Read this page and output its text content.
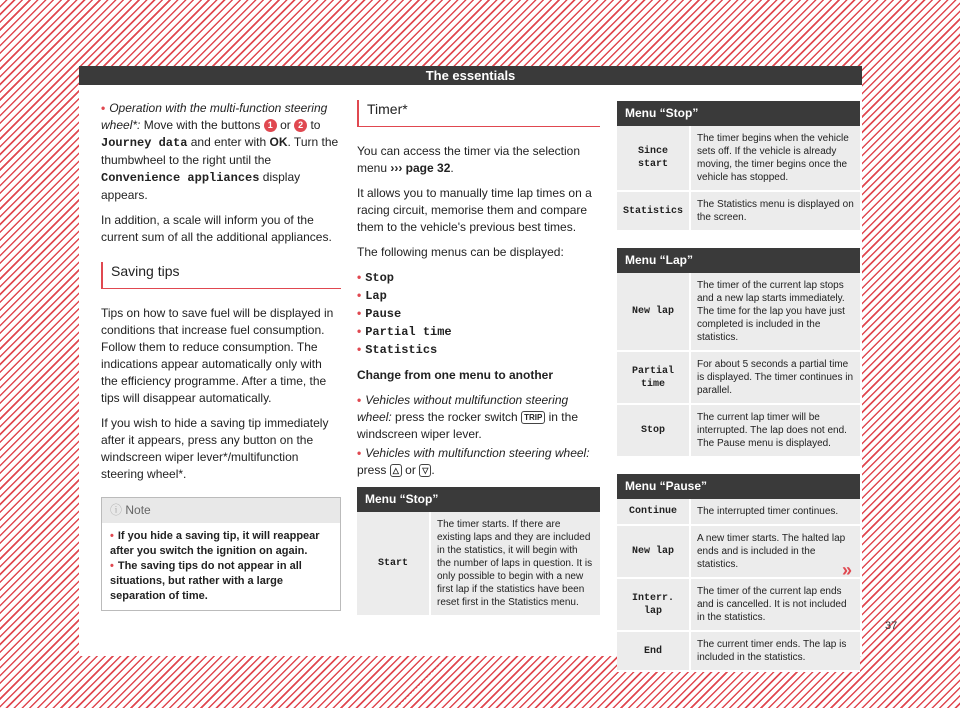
The essentials

• Operation with the multi-function steering wheel*: Move with the buttons 1 or 2 to Journey data and enter with OK. Turn the thumbwheel to the right until the Convenience appliances display appears.

In addition, a scale will inform you of the current sum of all the additional appliances.

Saving tips

Tips on how to save fuel will be displayed in conditions that increase fuel consumption. Follow them to reduce consumption. The indications appear automatically only with the efficiency programme. After a time, the tips will disappear automatically.

If you wish to hide a saving tip immediately after it appears, press any button on the windscreen wiper lever*/multifunction steering wheel*.

ⓘ Note
• If you hide a saving tip, it will reappear after you switch the ignition on again.
• The saving tips do not appear in all situations, but rather with a large separation of time.
Timer*

You can access the timer via the selection menu ››› page 32.

It allows you to manually time lap times on a racing circuit, memorise them and compare them to the vehicle's previous best times.

The following menus can be displayed:

• Stop
• Lap
• Pause
• Partial time
• Statistics

Change from one menu to another

• Vehicles without multifunction steering wheel: press the rocker switch TRIP in the windscreen wiper lever.

• Vehicles with multifunction steering wheel: press △ or ▽ .

Menu “Stop”
Start	The timer starts. If there are existing laps and they are included in the statistics, it will begin with the number of laps in question. It is only possible to begin with a new first lap if the statistics have been reset first in the Statistics menu.
Menu “Stop”	
Since start	The timer begins when the vehicle sets off. If the vehicle is already moving, the timer begins once the vehicle has stopped.
Statistics	The Statistics menu is displayed on the screen.
Menu “Lap”	
New lap	The timer of the current lap stops and a new lap starts immediately. The time for the lap you have just completed is included in the statistics.
Partial time	For about 5 seconds a partial time is displayed. The timer continues in parallel.
Stop	The current lap timer will be interrupted. The lap does not end. The Pause menu is displayed.
Menu “Pause”	
Continue	The interrupted timer continues.
New lap	A new timer starts. The halted lap ends and is included in the statistics.
Interr. lap	The timer of the current lap ends and is cancelled. It is not included in the statistics.
End	The current timer ends. The lap is included in the statistics.
»
37
